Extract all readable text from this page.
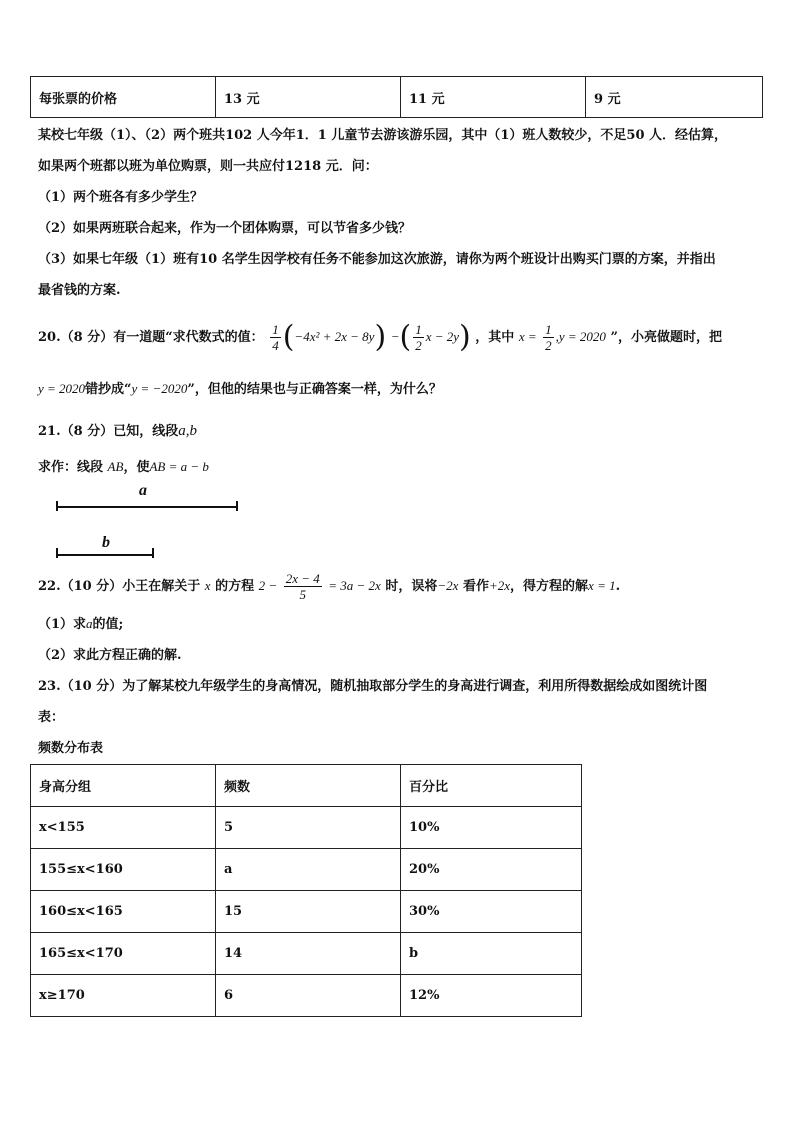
每张票的价格	13 元	11 元	9 元
某校七年级（1）、（2）两个班共102 人今年1．1 儿童节去游该游乐园，其中（1）班人数较少，不足50 人．经估算，
如果两个班都以班为单位购票，则一共应付1218 元．问：
（1）两个班各有多少学生？
（2）如果两班联合起来，作为一个团体购票，可以节省多少钱？
（3）如果七年级（1）班有10 名学生因学校有任务不能参加这次旅游，请你为两个班设计出购买门票的方案，并指出
最省钱的方案.
20.（8 分）有一道题“求代数式的值： $\frac{1}{4} (-4x^2 + 2x - 8y)$ −( $\frac{1}{2}$ x − 2y) ，其中 $x = \frac{1}{2} ,y = 2020$ ”，小亮做题时，把
y = 2020错抄成“y = −2020”，但他的结果也与正确答案一样，为什么？
21.（8 分）已知，线段a,b
求作：线段 AB，使AB = a − b
a
b
22.（10 分）小王在解关于 x 的方程 $2 - \frac{2x - 4}{5} = 3a - 2x$ 时，误将−2x 看作+2x，得方程的解x = 1.
（1）求a的值;
（2）求此方程正确的解.
23.（10 分）为了解某校九年级学生的身高情况，随机抽取部分学生的身高进行调查，利用所得数据绘成如图统计图
表：
频数分布表
身高分组	频数	百分比
x<155	5	10%
155≤x<160	a	20%
160≤x<165	15	30%
165≤x<170	14	b
x≥170	6	12%
